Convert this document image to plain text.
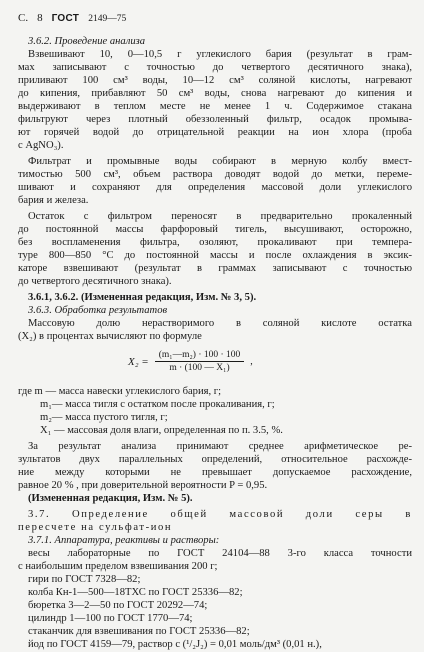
С. 8 ГОСТ 2149—75
3.6.2. Проведение анализа
Взвешивают 10, 0—10,5 г углекислого бария (результат в грам-
мах записывают с точностью до четвертого десятичного знака),
приливают 100 см³ воды, 10—12 см³ соляной кислоты, нагревают
до кипения, прибавляют 50 см³ воды, снова нагревают до кипения и
выдерживают в теплом месте не менее 1 ч. Содержимое стакана
фильтруют через плотный обеззоленный фильтр, осадок промыва-
ют горячей водой до отрицательной реакции на ион хлора (проба
с AgNO₃).
Фильтрат и промывные воды собирают в мерную колбу вмест-
тимостью 500 см³, объем раствора доводят водой до метки, переме-
шивают и сохраняют для определения массовой доли углекислого
бария и железа.
Остаток с фильтром переносят в предварительно прокаленный
до постоянной массы фарфоровый тигель, высушивают, осторожно,
без воспламенения фильтра, озоляют, прокаливают при темпера-
туре 800—850 °С до постоянной массы и после охлаждения в эксик-
каторе взвешивают (результат в граммах записывают с точностью
до четвертого десятичного знака).
3.6.1, 3.6.2. (Измененная редакция, Изм. № 3, 5).
3.6.3. Обработка результатов
Массовую долю нерастворимого в соляной кислоте остатка
(X₂) в процентах вычисляют по формуле
$X_2 = \frac{\text{(m₁—m₂) · 100 · 100}}{\text{m · (100 — X₁)}}$ ,
где m — масса навески углекислого бария, г;
m₁— масса тигля с остатком после прокаливания, г;
m₂— масса пустого тигля, г;
X₁ — массовая доля влаги, определенная по п. 3.5, %.
За результат анализа принимают среднее арифметическое ре-
зультатов двух параллельных определений, относительное расхожде-
ние между которыми не превышает допускаемое расхождение,
равное 20 % , при доверительной вероятности P = 0,95.
(Измененная редакция, Изм. № 5).
3.7. Определение общей массовой доли серы в
пересчете на сульфат-ион
3.7.1. Аппаратура, реактивы и растворы:
весы лабораторные по ГОСТ 24104—88 3-го класса точности
с наибольшим пределом взвешивания 200 г;
гири по ГОСТ 7328—82;
колба Кн-1—500—18ТХС по ГОСТ 25336—82;
бюретка 3—2—50 по ГОСТ 20292—74;
цилиндр 1—100 по ГОСТ 1770—74;
стаканчик для взвешивания по ГОСТ 25336—82;
йод по ГОСТ 4159—79, раствор c (¹/₂J₂) = 0,01 моль/дм³ (0,01 н.),
